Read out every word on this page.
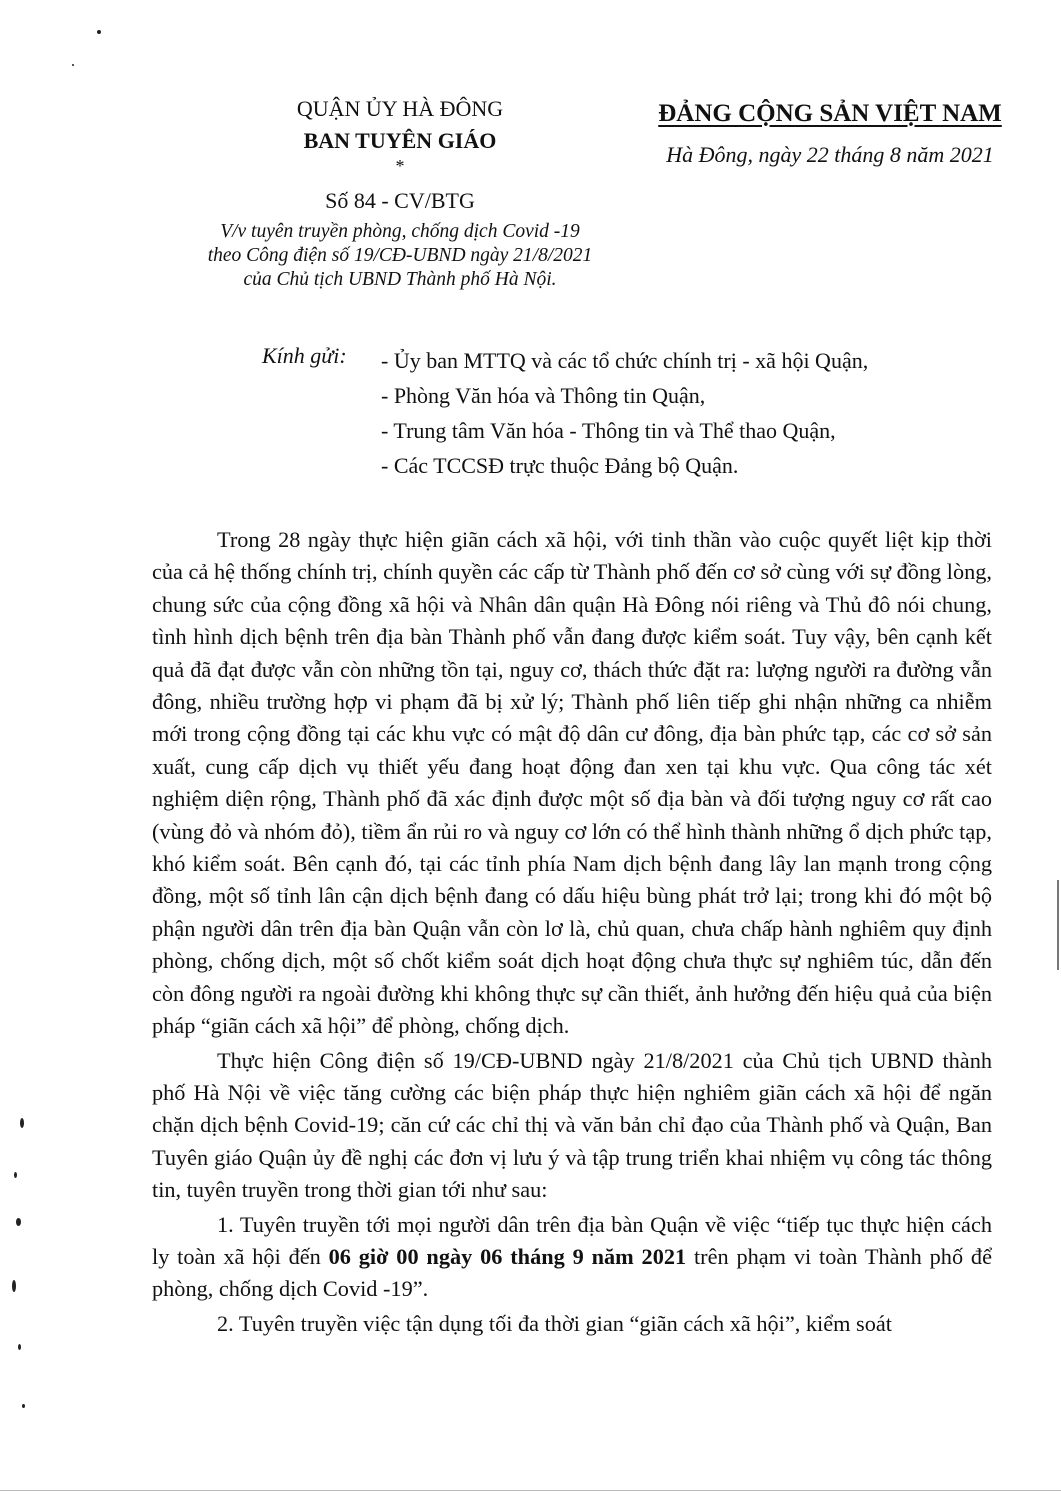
QUẬN ỦY HÀ ĐÔNG
BAN TUYÊN GIÁO
*
Số 84 - CV/BTG
V/v tuyên truyền phòng, chống dịch Covid -19
theo Công điện số 19/CĐ-UBND ngày 21/8/2021
của Chủ tịch UBND Thành phố Hà Nội.
ĐẢNG CỘNG SẢN VIỆT NAM
Hà Đông, ngày 22 tháng 8 năm 2021
Kính gửi: - Ủy ban MTTQ và các tổ chức chính trị - xã hội Quận,
- Phòng Văn hóa và Thông tin Quận,
- Trung tâm Văn hóa - Thông tin và Thể thao Quận,
- Các TCCSĐ trực thuộc Đảng bộ Quận.

Trong 28 ngày thực hiện giãn cách xã hội, với tinh thần vào cuộc quyết liệt kịp thời của cả hệ thống chính trị, chính quyền các cấp từ Thành phố đến cơ sở cùng với sự đồng lòng, chung sức của cộng đồng xã hội và Nhân dân quận Hà Đông nói riêng và Thủ đô nói chung, tình hình dịch bệnh trên địa bàn Thành phố vẫn đang được kiểm soát. Tuy vậy, bên cạnh kết quả đã đạt được vẫn còn những tồn tại, nguy cơ, thách thức đặt ra: lượng người ra đường vẫn đông, nhiều trường hợp vi phạm đã bị xử lý; Thành phố liên tiếp ghi nhận những ca nhiễm mới trong cộng đồng tại các khu vực có mật độ dân cư đông, địa bàn phức tạp, các cơ sở sản xuất, cung cấp dịch vụ thiết yếu đang hoạt động đan xen tại khu vực. Qua công tác xét nghiệm diện rộng, Thành phố đã xác định được một số địa bàn và đối tượng nguy cơ rất cao (vùng đỏ và nhóm đỏ), tiềm ẩn rủi ro và nguy cơ lớn có thể hình thành những ổ dịch phức tạp, khó kiểm soát. Bên cạnh đó, tại các tỉnh phía Nam dịch bệnh đang lây lan mạnh trong cộng đồng, một số tỉnh lân cận dịch bệnh đang có dấu hiệu bùng phát trở lại; trong khi đó một bộ phận người dân trên địa bàn Quận vẫn còn lơ là, chủ quan, chưa chấp hành nghiêm quy định phòng, chống dịch, một số chốt kiểm soát dịch hoạt động chưa thực sự nghiêm túc, dẫn đến còn đông người ra ngoài đường khi không thực sự cần thiết, ảnh hưởng đến hiệu quả của biện pháp “giãn cách xã hội” để phòng, chống dịch.

Thực hiện Công điện số 19/CĐ-UBND ngày 21/8/2021 của Chủ tịch UBND thành phố Hà Nội về việc tăng cường các biện pháp thực hiện nghiêm giãn cách xã hội để ngăn chặn dịch bệnh Covid-19; căn cứ các chỉ thị và văn bản chỉ đạo của Thành phố và Quận, Ban Tuyên giáo Quận ủy đề nghị các đơn vị lưu ý và tập trung triển khai nhiệm vụ công tác thông tin, tuyên truyền trong thời gian tới như sau:

1. Tuyên truyền tới mọi người dân trên địa bàn Quận về việc “tiếp tục thực hiện cách ly toàn xã hội đến 06 giờ 00 ngày 06 tháng 9 năm 2021 trên phạm vi toàn Thành phố để phòng, chống dịch Covid -19”.

2. Tuyên truyền việc tận dụng tối đa thời gian “giãn cách xã hội”, kiểm soát
